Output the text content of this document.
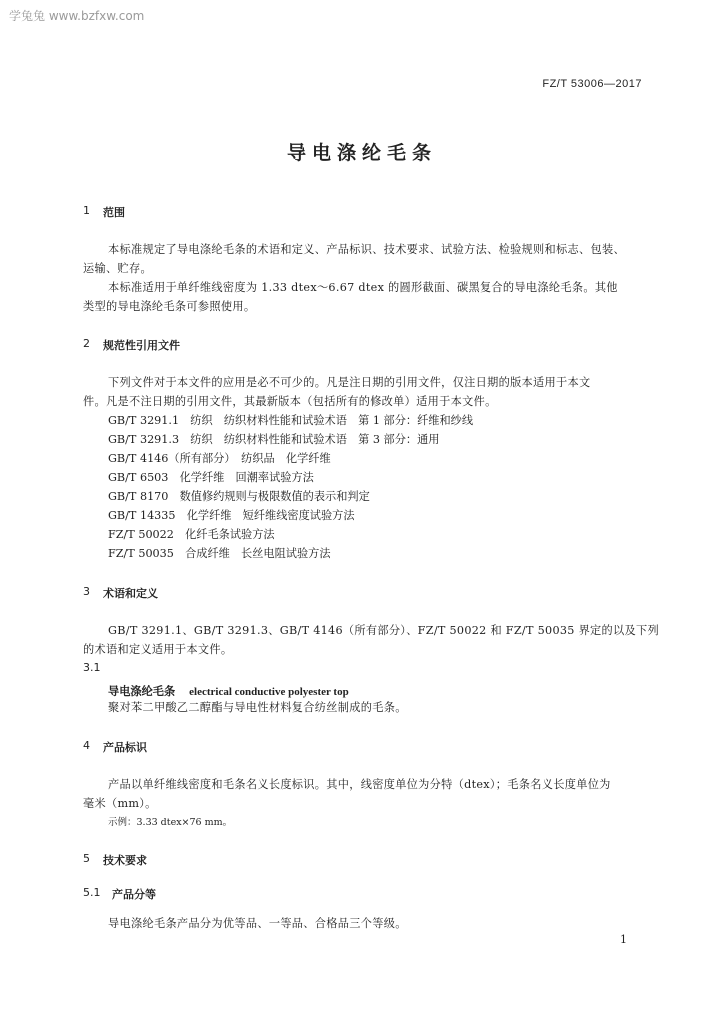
学兔兔 www.bzfxw.com
FZ/T 53006—2017
导电涤纶毛条
1 范围
本标准规定了导电涤纶毛条的术语和定义、产品标识、技术要求、试验方法、检验规则和标志、包装、
运输、贮存。
本标准适用于单纤维线密度为 1.33 dtex～6.67 dtex 的圆形截面、碳黑复合的导电涤纶毛条。其他
类型的导电涤纶毛条可参照使用。
2 规范性引用文件
下列文件对于本文件的应用是必不可少的。凡是注日期的引用文件，仅注日期的版本适用于本文
件。凡是不注日期的引用文件，其最新版本（包括所有的修改单）适用于本文件。
GB/T 3291.1　纺织　纺织材料性能和试验术语　第 1 部分：纤维和纱线
GB/T 3291.3　纺织　纺织材料性能和试验术语　第 3 部分：通用
GB/T 4146（所有部分）　纺织品　化学纤维
GB/T 6503　化学纤维　回潮率试验方法
GB/T 8170　数值修约规则与极限数值的表示和判定
GB/T 14335　化学纤维　短纤维线密度试验方法
FZ/T 50022　化纤毛条试验方法
FZ/T 50035　合成纤维　长丝电阻试验方法
3 术语和定义
GB/T 3291.1、GB/T 3291.3、GB/T 4146（所有部分）、FZ/T 50022 和 FZ/T 50035 界定的以及下列
的术语和定义适用于本文件。
3.1
导电涤纶毛条 electrical conductive polyester top
聚对苯二甲酸乙二醇酯与导电性材料复合纺丝制成的毛条。
4 产品标识
产品以单纤维线密度和毛条名义长度标识。其中，线密度单位为分特（dtex）；毛条名义长度单位为
毫米（mm）。
示例：3.33 dtex×76 mm。
5 技术要求
5.1 产品分等
导电涤纶毛条产品分为优等品、一等品、合格品三个等级。
1
